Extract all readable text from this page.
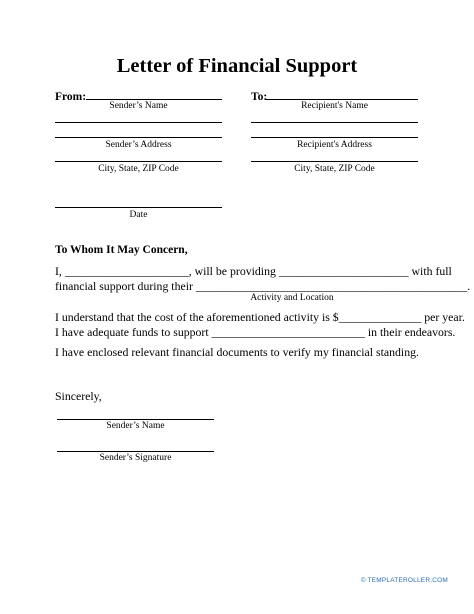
Letter of Financial Support
From:
Sender’s Name
Sender’s Address
City, State, ZIP Code
Date
To:
Recipient's Name
Recipient's Address
City, State, ZIP Code
To Whom It May Concern,
I, _____________________, will be providing ______________________ with full
financial support during their ______________________________________________.
Activity and Location
I understand that the cost of the aforementioned activity is $______________ per year.
I have adequate funds to support __________________________ in their endeavors.
I have enclosed relevant financial documents to verify my financial standing.
Sincerely,
Sender’s Name
Sender’s Signature
© TEMPLATEROLLER.COM
